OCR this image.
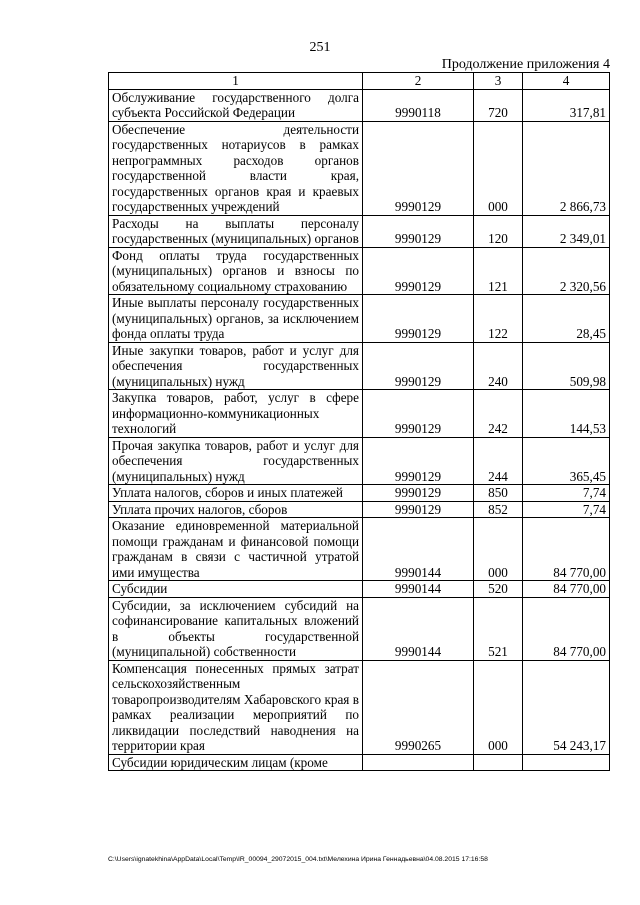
251
Продолжение приложения 4
1	2	3	4
Обслуживание государственного долга субъекта Российской Федерации	9990118	720	317,81
Обеспечение деятельности государственных нотариусов в рамках непрограммных расходов органов государственной власти края, государственных органов края и краевых государственных учреждений	9990129	000	2 866,73
Расходы на выплаты персоналу государственных (муниципальных) органов	9990129	120	2 349,01
Фонд оплаты труда государственных (муниципальных) органов и взносы по обязательному социальному страхованию	9990129	121	2 320,56
Иные выплаты персоналу государственных (муниципальных) органов, за исключением фонда оплаты труда	9990129	122	28,45
Иные закупки товаров, работ и услуг для обеспечения государственных (муниципальных) нужд	9990129	240	509,98
Закупка товаров, работ, услуг в сфере информационно-коммуникационных технологий	9990129	242	144,53
Прочая закупка товаров, работ и услуг для обеспечения государственных (муниципальных) нужд	9990129	244	365,45
Уплата налогов, сборов и иных платежей	9990129	850	7,74
Уплата прочих налогов, сборов	9990129	852	7,74
Оказание единовременной материальной помощи гражданам и финансовой помощи гражданам в связи с частичной утратой ими имущества	9990144	000	84 770,00
Субсидии	9990144	520	84 770,00
Субсидии, за исключением субсидий на софинансирование капитальных вложений в объекты государственной (муниципальной) собственности	9990144	521	84 770,00
Компенсация понесенных прямых затрат сельскохозяйственным товаропроизводителям Хабаровского края в рамках реализации мероприятий по ликвидации последствий наводнения на территории края	9990265	000	54 243,17
Субсидии юридическим лицам (кроме			
C:\Users\ignatekhina\AppData\Local\Temp\IR_00094_29072015_004.txt\Мелехина Ирина Геннадьевна\04.08.2015 17:16:58
